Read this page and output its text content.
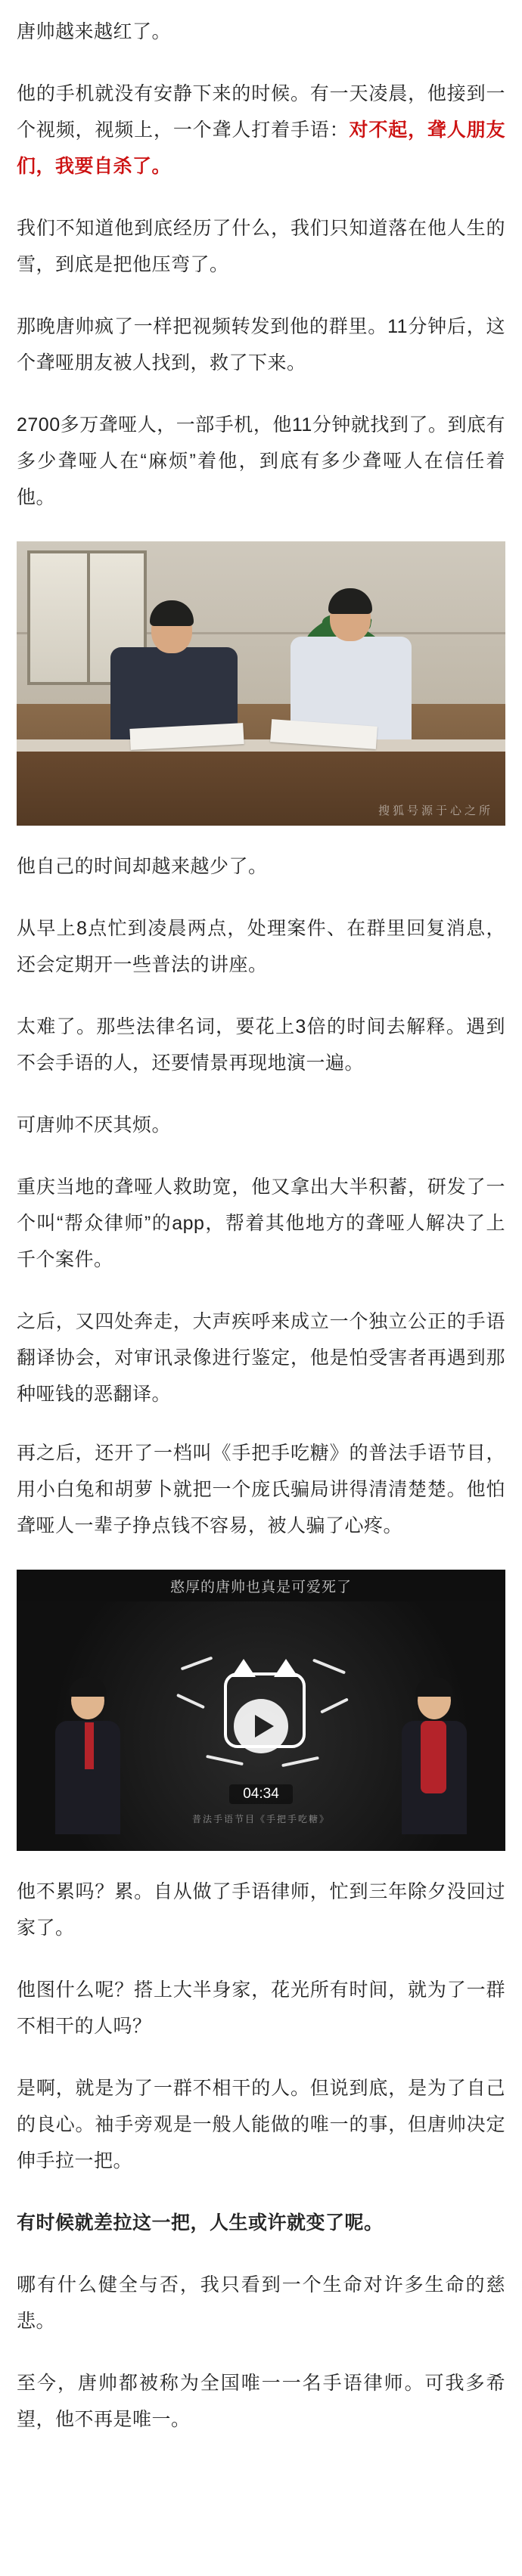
唐帅越来越红了。

他的手机就没有安静下来的时候。有一天凌晨，他接到一个视频，视频上，一个聋人打着手语：对不起，聋人朋友们，我要自杀了。

我们不知道他到底经历了什么，我们只知道落在他人生的雪，到底是把他压弯了。

那晚唐帅疯了一样把视频转发到他的群里。11分钟后，这个聋哑朋友被人找到，救了下来。

2700多万聋哑人，一部手机，他11分钟就找到了。到底有多少聋哑人在“麻烦”着他，到底有多少聋哑人在信任着他。

搜狐号源于心之所

他自己的时间却越来越少了。

从早上8点忙到凌晨两点，处理案件、在群里回复消息，还会定期开一些普法的讲座。

太难了。那些法律名词，要花上3倍的时间去解释。遇到不会手语的人，还要情景再现地演一遍。

可唐帅不厌其烦。

重庆当地的聋哑人救助宽，他又拿出大半积蓄，研发了一个叫“帮众律师”的app，帮着其他地方的聋哑人解决了上千个案件。

之后，又四处奔走，大声疾呼来成立一个独立公正的手语翻译协会，对审讯录像进行鉴定，他是怕受害者再遇到那种哑钱的恶翻译。

再之后，还开了一档叫《手把手吃糖》的普法手语节目，用小白兔和胡萝卜就把一个庞氏骗局讲得清清楚楚。他怕聋哑人一辈子挣点钱不容易，被人骗了心疼。

憨厚的唐帅也真是可爱死了
04:34
普法手语节目《手把手吃糖》

他不累吗？累。自从做了手语律师，忙到三年除夕没回过家了。

他图什么呢？搭上大半身家，花光所有时间，就为了一群不相干的人吗？

是啊，就是为了一群不相干的人。但说到底，是为了自己的良心。袖手旁观是一般人能做的唯一的事，但唐帅决定伸手拉一把。

有时候就差拉这一把，人生或许就变了呢。

哪有什么健全与否，我只看到一个生命对许多生命的慈悲。

至今，唐帅都被称为全国唯一一名手语律师。可我多希望，他不再是唯一。
